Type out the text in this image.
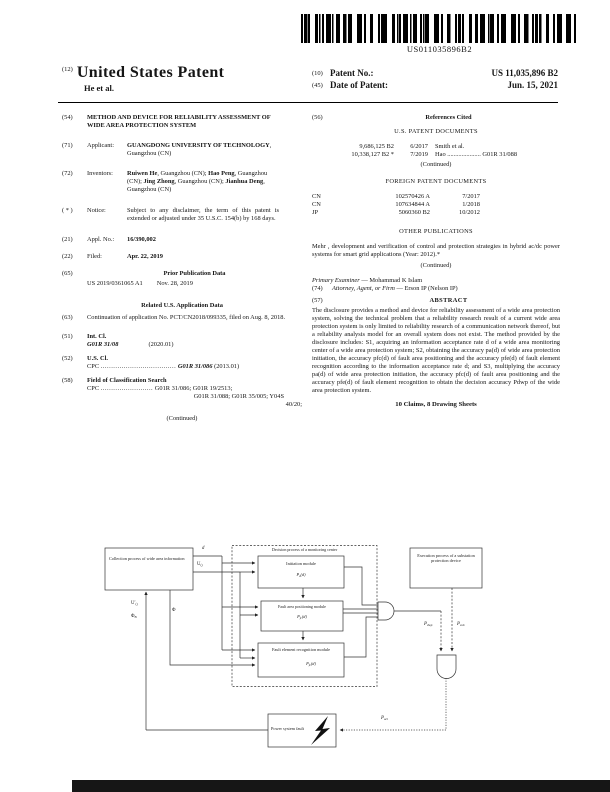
US011035896B2
$^{(12)}$ United States Patent
He et al.
(10) Patent No.:	US 11,035,896 B2
(45) Date of Patent:	Jun. 15, 2021
(54)	METHOD AND DEVICE FOR RELIABILITY ASSESSMENT OF WIDE AREA PROTECTION SYSTEM
(71)	Applicant:	GUANGDONG UNIVERSITY OF TECHNOLOGY, Guangzhou (CN)
(72)	Inventors:	Ruiwen He, Guangzhou (CN); Hao Peng, Guangzhou (CN); Jing Zhong, Guangzhou (CN); Jianhua Deng, Guangzhou (CN)
( * )	Notice:	Subject to any disclaimer, the term of this patent is extended or adjusted under 35 U.S.C. 154(b) by 168 days.
(21)	Appl. No.:	16/390,002
(22)	Filed:	Apr. 22, 2019
(65)	Prior Publication Data
US 2019/0361065 A1 Nov. 28, 2019
Related U.S. Application Data
(63)	Continuation of application No. PCT/CN2018/099335, filed on Aug. 8, 2018.
(51)	Int. Cl.
G01R 31/08	(2020.01)
(52)	U.S. Cl.
CPC .................................... G01R 31/086 (2013.01)
(58)	Field of Classification Search
CPC ......................... G01R 31/086; G01R 19/2513;
G01R 31/088; G01R 35/005; Y04S
40/20;
(Continued)
(56)	References Cited
U.S. PATENT DOCUMENTS
9,686,125 B2	6/2017 Smith et al.
10,338,127 B2 *	7/2019 Hao ..................... G01R 31/088
(Continued)
FOREIGN PATENT DOCUMENTS
CN	102570426 A	7/2017
CN	107634844 A	1/2018
JP	5060360 B2	10/2012
OTHER PUBLICATIONS
Mehr , development and verification of control and protection strategies in hybrid ac/dc power systems for smart grid applications (Year: 2012).*
(Continued)
Primary Examiner — Mohammad K Islam
(74)	Attorney, Agent, or Firm — Erson IP (Nelson IP)
(57)	ABSTRACT
The disclosure provides a method and device for reliability assessment of a wide area protection system, solving the technical problem that a reliability research result of a current wide area protection system is only limited to reliability research of a communication network thereof, but a reliability analysis model for an overall system does not exist. The method provided by the disclosure includes: S1, acquiring an information acceptance rate d of a wide area monitoring center of a wide area protection system; S2, obtaining the accuracy pa(d) of wide area protection initiation, the accuracy pfc(d) of fault area positioning and the accuracy pfe(d) of fault element recognition according to the information acceptance rate d; and S3, multiplying the accuracy pa(d) of wide area protection initiation, the accuracy pfc(d) of fault area positioning and the accuracy pfe(d) of fault element recognition to obtain the decision accuracy Pdwp of the wide area protection system.
10 Claims, 8 Drawing Sheets
Collection process of wide area information
Decision process of a monitoring center
Initiation module
$P_a(d)$
Fault area positioning module
$P_{fc}(d)$
Fault element recognition module
$P_{fe}(d)$
Execution process of a substation protection device
Power system fault
d
$U_{()}$
$U'_{()}$
$\Phi_B$
Φ
$P_{dwp}$	$P_{sub}$
$P_{act}$
